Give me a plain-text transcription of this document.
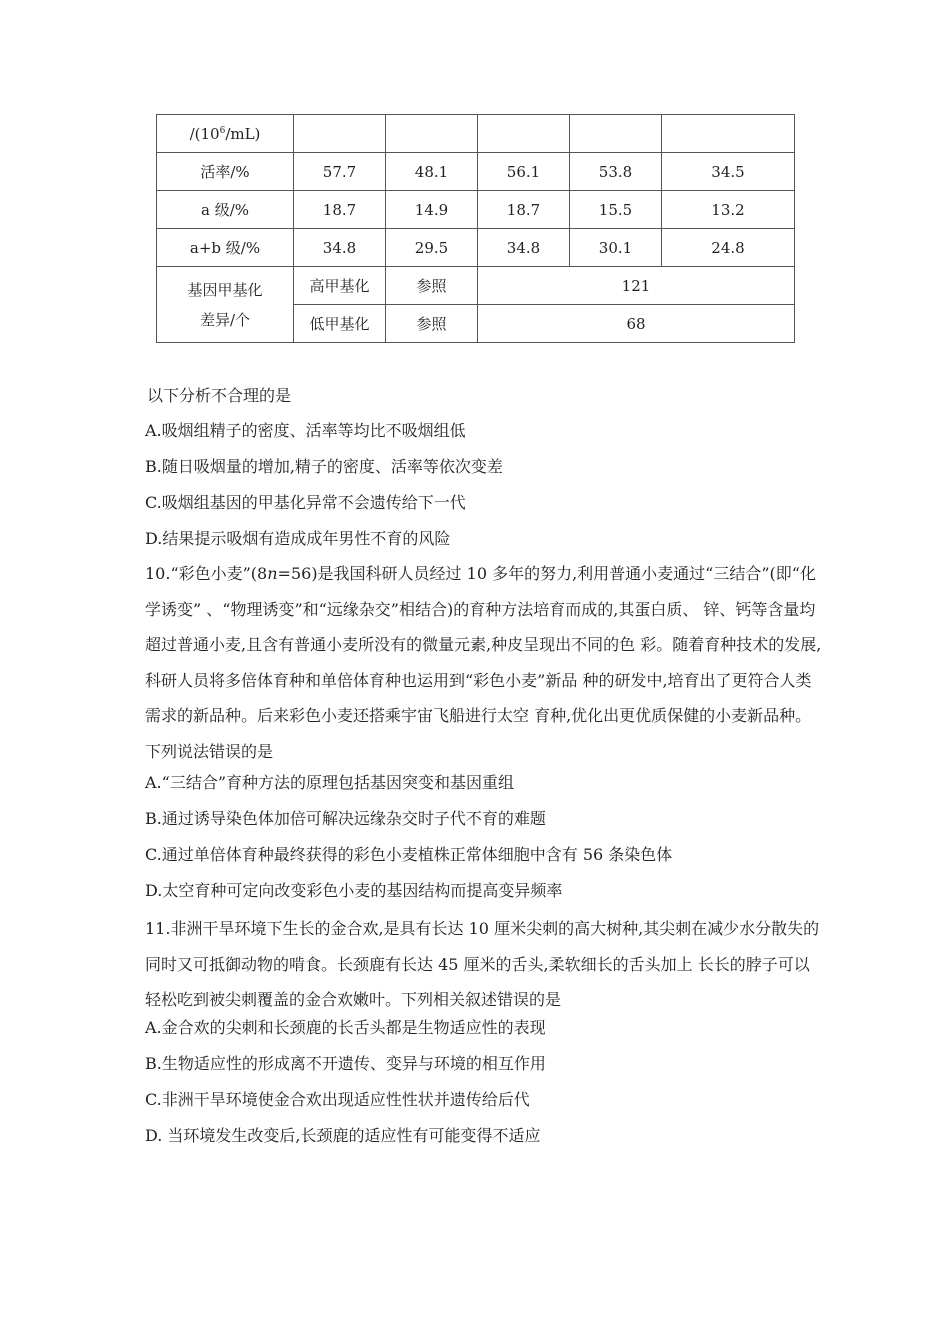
$/(10^6/mL)$					
活率/%	57.7	48.1	56.1	53.8	34.5
a 级/%	18.7	14.9	18.7	15.5	13.2
a+b 级/%	34.8	29.5	34.8	30.1	24.8

基因甲基化
差异/个	高甲基化	参照	121		
	低甲基化	参照	68		
以下分析不合理的是
A.吸烟组精子的密度、活率等均比不吸烟组低
B.随日吸烟量的增加,精子的密度、活率等依次变差
C.吸烟组基因的甲基化异常不会遗传给下一代
D.结果提示吸烟有造成成年男性不育的风险

10.“彩色小麦”(8n=56)是我国科研人员经过 10 多年的努力,利用普通小麦通过“三结合”(即“化学诱变” 、“物理诱变”和“远缘杂交”相结合)的育种方法培育而成的,其蛋白质、 锌、钙等含量均超过普通小麦,且含有普通小麦所没有的微量元素,种皮呈现出不同的色 彩。随着育种技术的发展,科研人员将多倍体育种和单倍体育种也运用到“彩色小麦”新品 种的研发中,培育出了更符合人类需求的新品种。后来彩色小麦还搭乘宇宙飞船进行太空 育种,优化出更优质保健的小麦新品种。下列说法错误的是

A.“三结合”育种方法的原理包括基因突变和基因重组
B.通过诱导染色体加倍可解决远缘杂交时子代不育的难题
C.通过单倍体育种最终获得的彩色小麦植株正常体细胞中含有 56 条染色体
D.太空育种可定向改变彩色小麦的基因结构而提高变异频率

11.非洲干旱环境下生长的金合欢,是具有长达 10 厘米尖刺的高大树种,其尖刺在减少水分散失的同时又可抵御动物的啃食。长颈鹿有长达 45 厘米的舌头,柔软细长的舌头加上 长长的脖子可以轻松吃到被尖刺覆盖的金合欢嫩叶。下列相关叙述错误的是

A.金合欢的尖刺和长颈鹿的长舌头都是生物适应性的表现
B.生物适应性的形成离不开遗传、变异与环境的相互作用
C.非洲干旱环境使金合欢出现适应性性状并遗传给后代
D. 当环境发生改变后,长颈鹿的适应性有可能变得不适应
